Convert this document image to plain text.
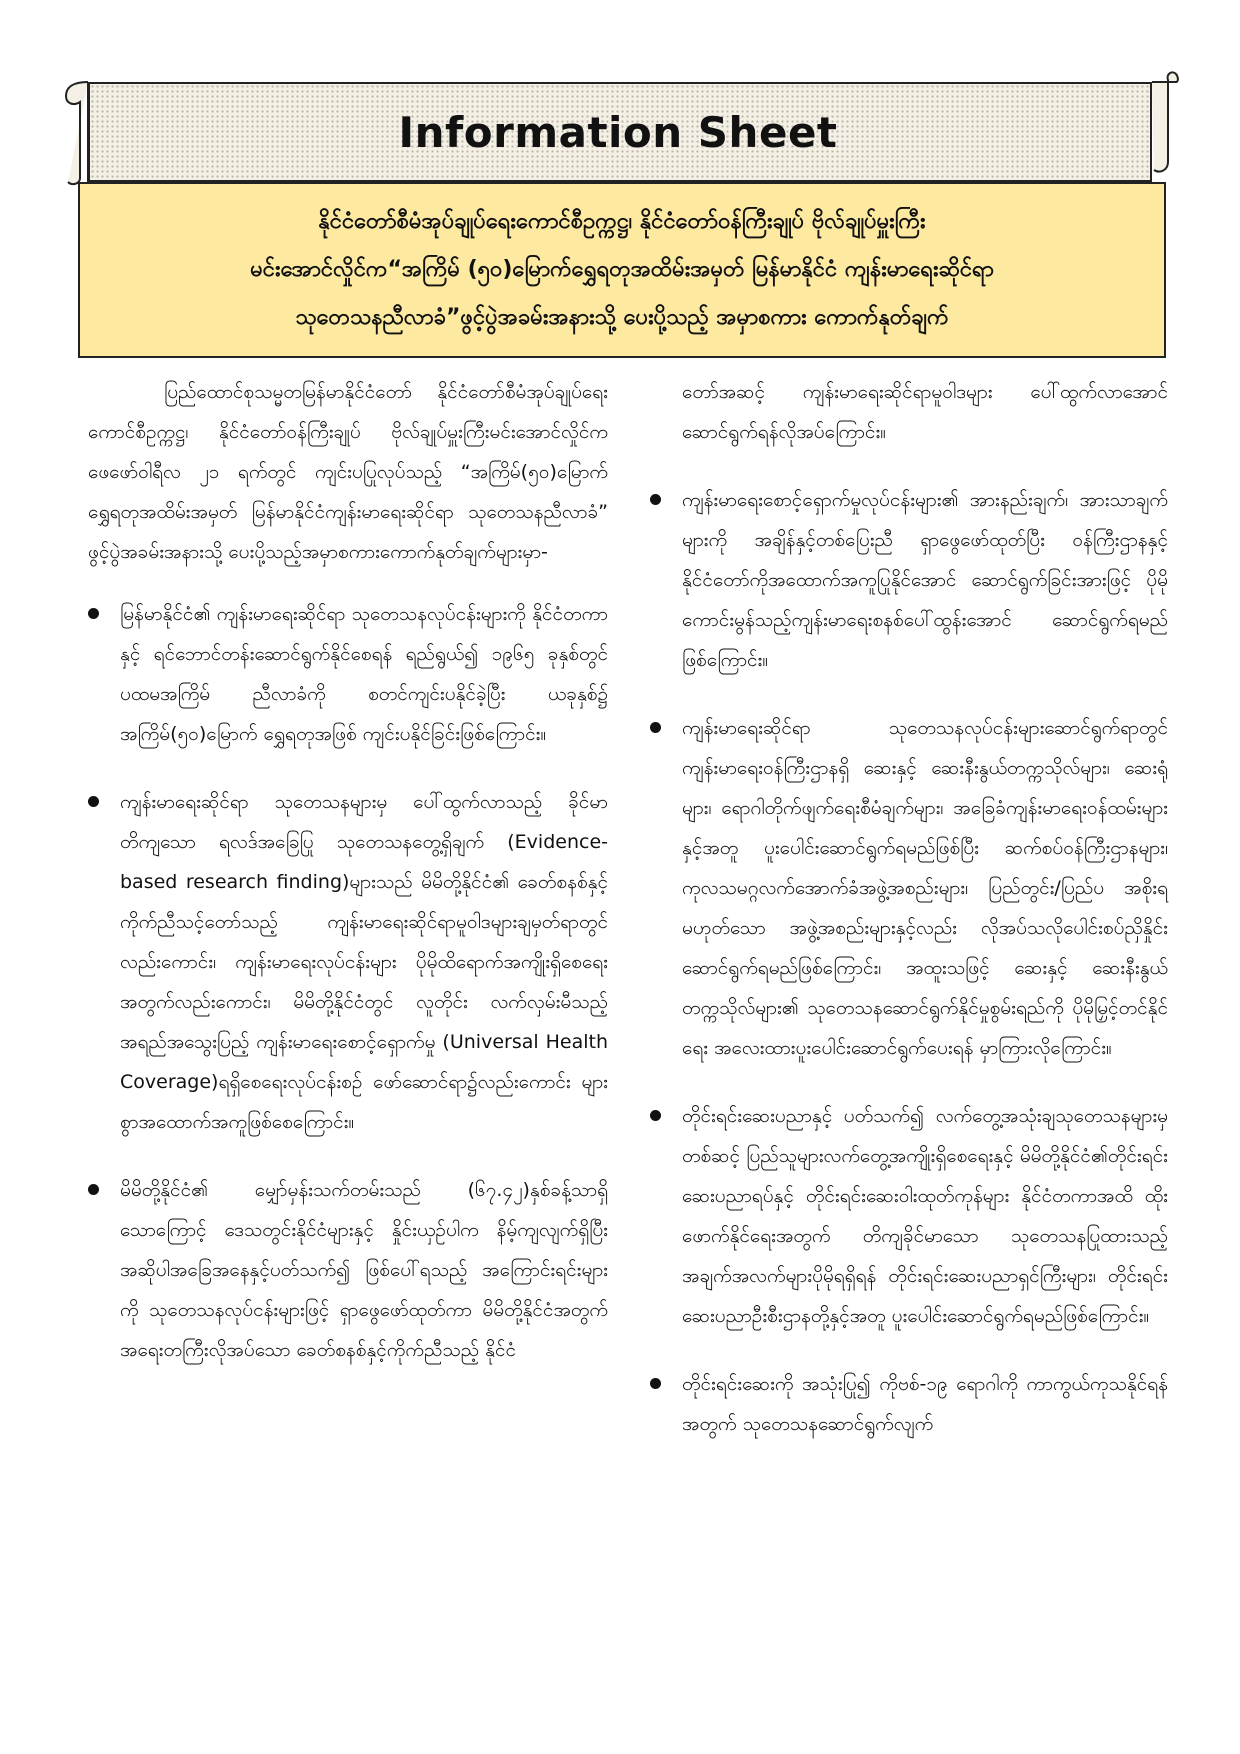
Information Sheet
နိုင်ငံတော်စီမံအုပ်ချုပ်ရေးကောင်စီဥက္ကဋ္ဌ၊ နိုင်ငံတော်ဝန်ကြီးချုပ် ဗိုလ်ချုပ်မှူးကြီး
မင်းအောင်လှိုင်က“အကြိမ် (၅၀)မြောက်ရွှေရတုအထိမ်းအမှတ် မြန်မာနိုင်ငံ ကျန်းမာရေးဆိုင်ရာ
သုတေသနညီလာခံ”ဖွင့်ပွဲအခမ်းအနားသို့ ပေးပို့သည့် အမှာစကား ကောက်နုတ်ချက်

ပြည်ထောင်စုသမ္မတမြန်မာနိုင်ငံတော် နိုင်ငံတော်စီမံအုပ်ချုပ်ရေးကောင်စီဥက္ကဋ္ဌ၊ နိုင်ငံတော်ဝန်ကြီးချုပ် ဗိုလ်ချုပ်မှူးကြီးမင်းအောင်လှိုင်က ဖေဖော်ဝါရီလ ၂၁ ရက်တွင် ကျင်းပပြုလုပ်သည့် “အကြိမ်(၅၀)မြောက် ရွှေရတုအထိမ်းအမှတ် မြန်မာနိုင်ငံကျန်းမာရေးဆိုင်ရာ သုတေသနညီလာခံ” ဖွင့်ပွဲအခမ်းအနားသို့ ပေးပို့သည့်အမှာစကားကောက်နုတ်ချက်များမှာ-

မြန်မာနိုင်ငံ၏ ကျန်းမာရေးဆိုင်ရာ သုတေသနလုပ်ငန်းများကို နိုင်ငံတကာနှင့် ရင်ဘောင်တန်းဆောင်ရွက်နိုင်စေရန် ရည်ရွယ်၍ ၁၉၆၅ ခုနှစ်တွင် ပထမအကြိမ် ညီလာခံကို စတင်ကျင်းပနိုင်ခဲ့ပြီး ယခုနှစ်၌ အကြိမ်(၅၀)မြောက် ရွှေရတုအဖြစ် ကျင်းပနိုင်ခြင်းဖြစ်ကြောင်း။

ကျန်းမာရေးဆိုင်ရာ သုတေသနများမှ ပေါ်ထွက်လာသည့် ခိုင်မာတိကျသော ရလဒ်အခြေပြု သုတေသနတွေ့ရှိချက် (Evidence-based research finding)များသည် မိမိတို့နိုင်ငံ၏ ခေတ်စနစ်နှင့် ကိုက်ညီသင့်တော်သည့် ကျန်းမာရေးဆိုင်ရာမူဝါဒများချမှတ်ရာတွင်လည်းကောင်း၊ ကျန်းမာရေးလုပ်ငန်းများ ပိုမိုထိရောက်အကျိုးရှိစေရေးအတွက်လည်းကောင်း၊ မိမိတို့နိုင်ငံတွင် လူတိုင်း လက်လှမ်းမီသည့် အရည်အသွေးပြည့် ကျန်းမာရေးစောင့်ရှောက်မှု (Universal Health Coverage)ရရှိစေရေးလုပ်ငန်းစဉ် ဖော်ဆောင်ရာ၌လည်းကောင်း များစွာအထောက်အကူဖြစ်စေကြောင်း။

မိမိတို့နိုင်ငံ၏ မျှော်မှန်းသက်တမ်းသည် (၆၇.၄၂)နှစ်ခန့်သာရှိသောကြောင့် ဒေသတွင်းနိုင်ငံများနှင့် နှိုင်းယှဉ်ပါက နိမ့်ကျလျက်ရှိပြီး အဆိုပါအခြေအနေနှင့်ပတ်သက်၍ ဖြစ်ပေါ်ရသည့် အကြောင်းရင်းများကို သုတေသနလုပ်ငန်းများဖြင့် ရှာဖွေဖော်ထုတ်ကာ မိမိတို့နိုင်ငံအတွက် အရေးတကြီးလိုအပ်သော ခေတ်စနစ်နှင့်ကိုက်ညီသည့် နိုင်ငံ

တော်အဆင့် ကျန်းမာရေးဆိုင်ရာမူဝါဒများ ပေါ်ထွက်လာအောင် ဆောင်ရွက်ရန်လိုအပ်ကြောင်း။

ကျန်းမာရေးစောင့်ရှောက်မှုလုပ်ငန်းများ၏ အားနည်းချက်၊ အားသာချက်များကို အချိန်နှင့်တစ်ပြေးညီ ရှာဖွေဖော်ထုတ်ပြီး ဝန်ကြီးဌာနနှင့် နိုင်ငံတော်ကိုအထောက်အကူပြုနိုင်အောင် ဆောင်ရွက်ခြင်းအားဖြင့် ပိုမိုကောင်းမွန်သည့်ကျန်းမာရေးစနစ်ပေါ်ထွန်းအောင် ဆောင်ရွက်ရမည်ဖြစ်ကြောင်း။

ကျန်းမာရေးဆိုင်ရာ သုတေသနလုပ်ငန်းများဆောင်ရွက်ရာတွင် ကျန်းမာရေးဝန်ကြီးဌာနရှိ ဆေးနှင့် ဆေးနီးနွယ်တက္ကသိုလ်များ၊ ဆေးရုံများ၊ ရောဂါတိုက်ဖျက်ရေးစီမံချက်များ၊ အခြေခံကျန်းမာရေးဝန်ထမ်းများနှင့်အတူ ပူးပေါင်းဆောင်ရွက်ရမည်ဖြစ်ပြီး ဆက်စပ်ဝန်ကြီးဌာနများ၊ ကုလသမဂ္ဂလက်အောက်ခံအဖွဲ့အစည်းများ၊ ပြည်တွင်း/ပြည်ပ အစိုးရမဟုတ်သော အဖွဲ့အစည်းများနှင့်လည်း လိုအပ်သလိုပေါင်းစပ်ညှိနှိုင်းဆောင်ရွက်ရမည်ဖြစ်ကြောင်း၊ အထူးသဖြင့် ဆေးနှင့် ဆေးနီးနွယ်တက္ကသိုလ်များ၏ သုတေသနဆောင်ရွက်နိုင်မှုစွမ်းရည်ကို ပိုမိုမြှင့်တင်နိုင်ရေး အလေးထားပူးပေါင်းဆောင်ရွက်ပေးရန် မှာကြားလိုကြောင်း။

တိုင်းရင်းဆေးပညာနှင့် ပတ်သက်၍ လက်တွေ့အသုံးချသုတေသနများမှတစ်ဆင့် ပြည်သူများလက်တွေ့အကျိုးရှိစေရေးနှင့် မိမိတို့နိုင်ငံ၏တိုင်းရင်းဆေးပညာရပ်နှင့် တိုင်းရင်းဆေးဝါးထုတ်ကုန်များ နိုင်ငံတကာအထိ ထိုးဖောက်နိုင်ရေးအတွက် တိကျခိုင်မာသော သုတေသနပြုထားသည့် အချက်အလက်များပိုမိုရရှိရန် တိုင်းရင်းဆေးပညာရှင်ကြီးများ၊ တိုင်းရင်းဆေးပညာဦးစီးဌာနတို့နှင့်အတူ ပူးပေါင်းဆောင်ရွက်ရမည်ဖြစ်ကြောင်း။

တိုင်းရင်းဆေးကို အသုံးပြု၍ ကိုဗစ်-၁၉ ရောဂါကို ကာကွယ်ကုသနိုင်ရန်အတွက် သုတေသနဆောင်ရွက်လျက်
